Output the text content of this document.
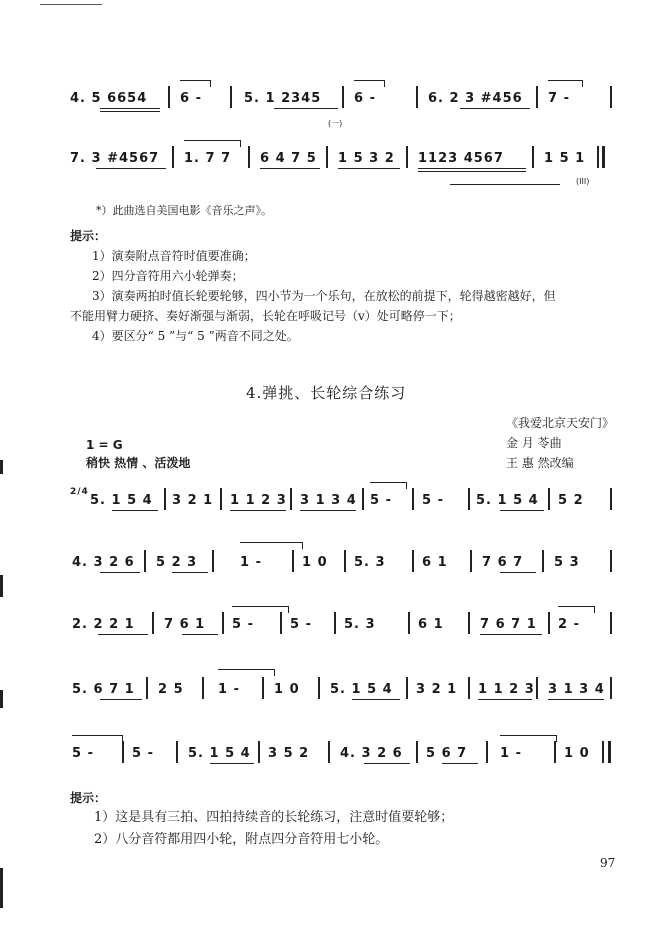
4. 5 6654	6 -	5. 1 2345	6 -	6. 2 3 #456 7 -
(一)
7. 3 #4567 1. 7 7 6 4 7 5 1 5 3 2 1123 4567	1 5 1
(III)
*）此曲选自美国电影《音乐之声》。
提示：
1）演奏附点音符时值要准确；
2）四分音符用六小轮弹奏；
3）演奏两拍时值长轮要轮够，四小节为一个乐句，在放松的前提下，轮得越密越好，但
不能用臂力硬挤、奏好渐强与渐弱，长轮在呼吸记号（v）处可略停一下；
4）要区分“ 5 ”与“ 5 ”两音不同之处。
4.弹挑、长轮综合练习
《我爱北京天安门》
金 月 苓曲
王 惠 然改编
1 = G
稍快 热情 、活泼地
2/4
5. 1 5 4 3 2 1 1 1 2 3 3 1 3 4 5 - 5 - 5. 1 5 4 5 2
4. 3 2 6 5 2 3	1 -	1 0 5. 3	6 1	7 6 7 5 3
2. 2 2 1 7 6 1 5 -	5 - 5. 3	6 1	7 6 7 1 2 -
5. 6 7 1 2 5	1 -	1 0 5. 1 5 4 3 2 1 1 1 2 3 3 1 3 4
5 -	5 -	5. 1 5 4 3 5 2 4. 3 2 6 5 6 7	1 -	1 0
提示：
1）这是具有三拍、四拍持续音的长轮练习，注意时值要轮够；
2）八分音符都用四小轮，附点四分音符用七小轮。
97
